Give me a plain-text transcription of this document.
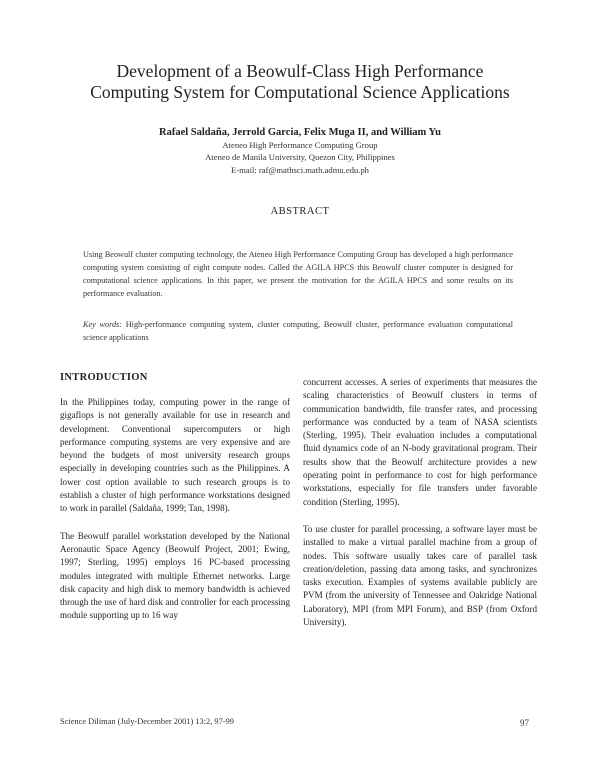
Development of a Beowulf-Class High Performance
Computing System for Computational Science Applications
Rafael Saldaña, Jerrold Garcia, Felix Muga II, and William Yu
Ateneo High Performance Computing Group
Ateneo de Manila University, Quezon City, Philippines
E-mail: raf@mathsci.math.admu.edu.ph
ABSTRACT
Using Beowulf cluster computing technology, the Ateneo High Performance Computing Group has developed a high performance computing system consisting of eight compute nodes. Called the AGILA HPCS this Beowulf cluster computer is designed for computational science applications. In this paper, we present the motivation for the AGILA HPCS and some results on its performance evaluation.
Key words: High-performance computing system, cluster computing, Beowulf cluster, performance evaluation computational science applications
INTRODUCTION

In the Philippines today, computing power in the range of gigaflops is not generally available for use in research and development. Conventional supercomputers or high performance computing systems are very expensive and are beyond the budgets of most university research groups especially in developing countries such as the Philippines. A lower cost option available to such research groups is to establish a cluster of high performance workstations designed to work in parallel (Saldaña, 1999; Tan, 1998).

The Beowulf parallel workstation developed by the National Aeronautic Space Agency (Beowulf Project, 2001; Ewing, 1997; Sterling, 1995) employs 16 PC-based processing modules integrated with multiple Ethernet networks. Large disk capacity and high disk to memory bandwidth is achieved through the use of hard disk and controller for each processing module supporting up to 16 way

concurrent accesses. A series of experiments that measures the scaling characteristics of Beowulf clusters in terms of communication bandwidth, file transfer rates, and processing performance was conducted by a team of NASA scientists (Sterling, 1995). Their evaluation includes a computational fluid dynamics code of an N-body gravitational program. Their results show that the Beowulf architecture provides a new operating point in performance to cost for high performance workstations, especially for file transfers under favorable condition (Sterling, 1995).

To use cluster for parallel processing, a software layer must be installed to make a virtual parallel machine from a group of nodes. This software usually takes care of parallel task creation/deletion, passing data among tasks, and synchronizes tasks execution. Examples of systems available publicly are PVM (from the university of Tennessee and Oakridge National Laboratory), MPI (from MPI Forum), and BSP (from Oxford University).

Science Diliman (July-December 2001) 13:2, 97-99	97
